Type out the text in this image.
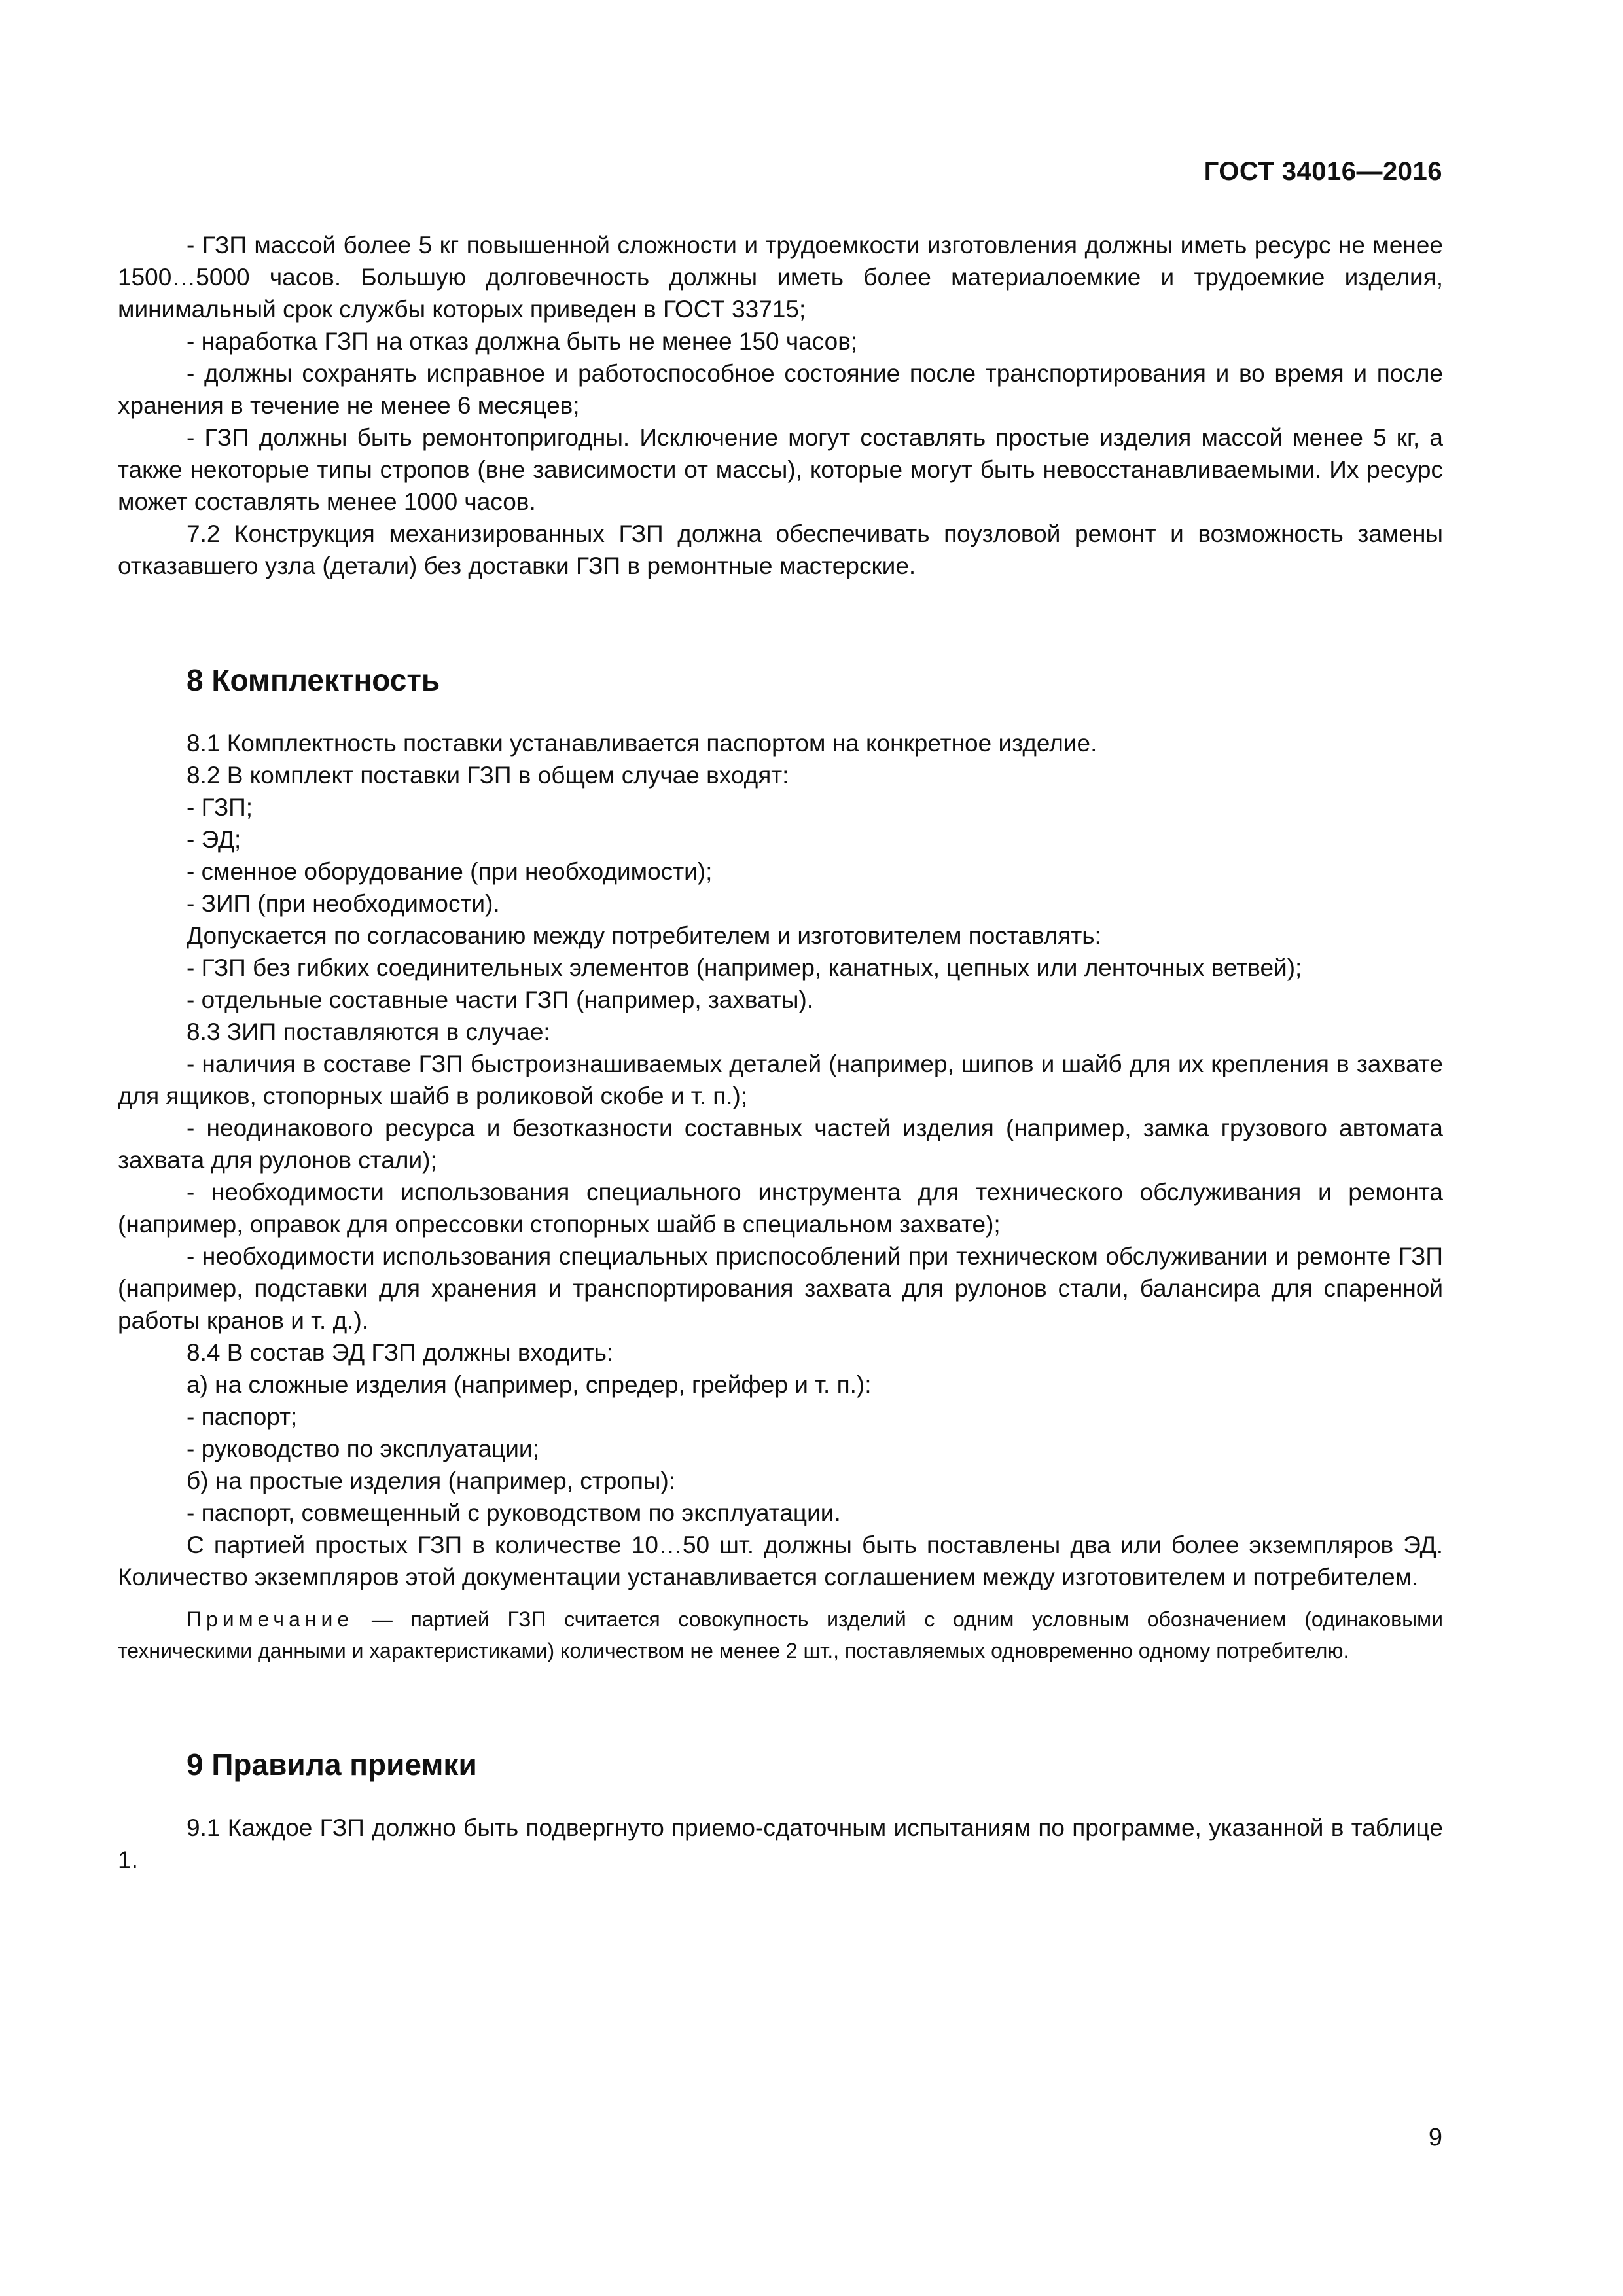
ГОСТ 34016—2016

- ГЗП массой более 5 кг повышенной сложности и трудоемкости изготовления должны иметь ресурс не менее 1500…5000 часов. Большую долговечность должны иметь более материалоемкие и трудоемкие изделия, минимальный срок службы которых приведен в ГОСТ 33715;

- наработка ГЗП на отказ должна быть не менее 150 часов;

- должны сохранять исправное и работоспособное состояние после транспортирования и во время и после хранения в течение не менее 6 месяцев;

- ГЗП должны быть ремонтопригодны. Исключение могут составлять простые изделия массой менее 5 кг, а также некоторые типы стропов (вне зависимости от массы), которые могут быть невосстанавливаемыми. Их ресурс может составлять менее 1000 часов.

7.2 Конструкция механизированных ГЗП должна обеспечивать поузловой ремонт и возможность замены отказавшего узла (детали) без доставки ГЗП в ремонтные мастерские.

8 Комплектность

8.1 Комплектность поставки устанавливается паспортом на конкретное изделие.

8.2 В комплект поставки ГЗП в общем случае входят:

- ГЗП;

- ЭД;

- сменное оборудование (при необходимости);

- ЗИП (при необходимости).

Допускается по согласованию между потребителем и изготовителем поставлять:

- ГЗП без гибких соединительных элементов (например, канатных, цепных или ленточных ветвей);

- отдельные составные части ГЗП (например, захваты).

8.3 ЗИП поставляются в случае:

- наличия в составе ГЗП быстроизнашиваемых деталей (например, шипов и шайб для их крепления в захвате для ящиков, стопорных шайб в роликовой скобе и т. п.);

- неодинакового ресурса и безотказности составных частей изделия (например, замка грузового автомата захвата для рулонов стали);

- необходимости использования специального инструмента для технического обслуживания и ремонта (например, оправок для опрессовки стопорных шайб в специальном захвате);

- необходимости использования специальных приспособлений при техническом обслуживании и ремонте ГЗП (например, подставки для хранения и транспортирования захвата для рулонов стали, балансира для спаренной работы кранов и т. д.).

8.4 В состав ЭД ГЗП должны входить:

а) на сложные изделия (например, спредер, грейфер и т. п.):

- паспорт;

- руководство по эксплуатации;

б) на простые изделия (например, стропы):

- паспорт, совмещенный с руководством по эксплуатации.

С партией простых ГЗП в количестве 10…50 шт. должны быть поставлены два или более экземпляров ЭД. Количество экземпляров этой документации устанавливается соглашением между изготовителем и потребителем.

Примечание — партией ГЗП считается совокупность изделий с одним условным обозначением (одинаковыми техническими данными и характеристиками) количеством не менее 2 шт., поставляемых одновременно одному потребителю.

9 Правила приемки

9.1 Каждое ГЗП должно быть подвергнуто приемо-сдаточным испытаниям по программе, указанной в таблице 1.

9
